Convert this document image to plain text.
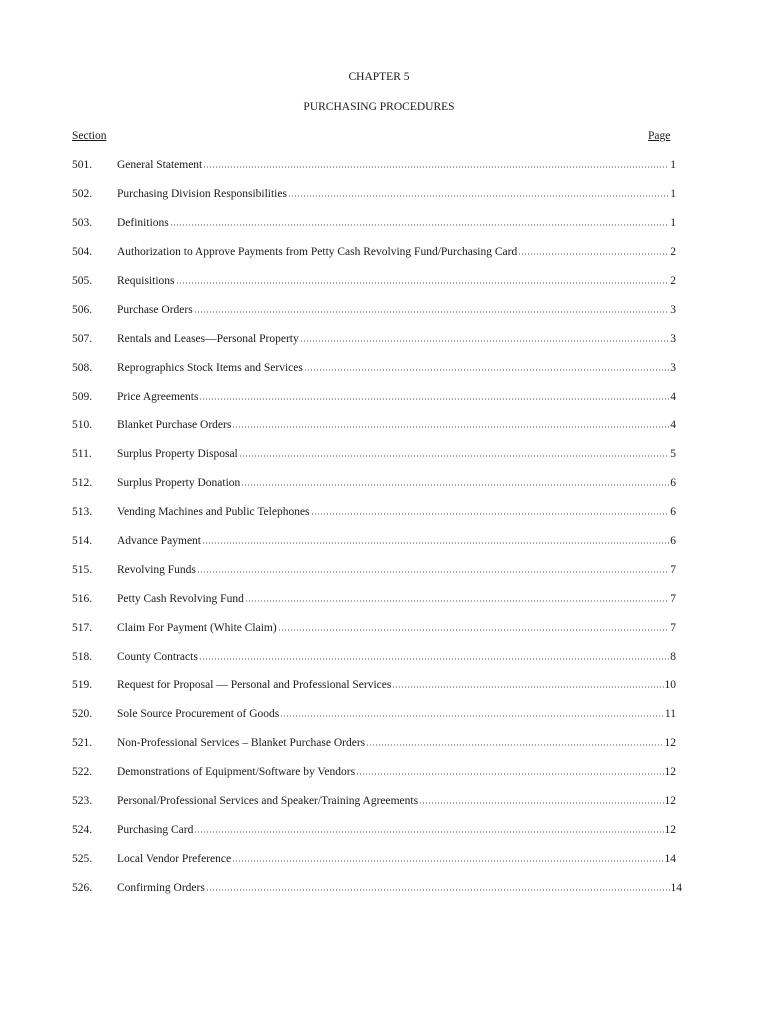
CHAPTER 5
PURCHASING PROCEDURES
Section	Page
501.	General Statement	1
502.	Purchasing Division Responsibilities	1
503.	Definitions	1
504.	Authorization to Approve Payments from Petty Cash Revolving Fund/Purchasing Card	2
505.	Requisitions	2
506.	Purchase Orders	3
507.	Rentals and Leases—Personal Property	3
508.	Reprographics Stock Items and Services	3
509.	Price Agreements	4
510.	Blanket Purchase Orders	4
511.	Surplus Property Disposal	5
512.	Surplus Property Donation	6
513.	Vending Machines and Public Telephones	6
514.	Advance Payment	6
515.	Revolving Funds	7
516.	Petty Cash Revolving Fund	7
517.	Claim For Payment (White Claim)	7
518.	County Contracts	8
519.	Request for Proposal — Personal and Professional Services	10
520.	Sole Source Procurement of Goods	11
521.	Non-Professional Services – Blanket Purchase Orders	12
522.	Demonstrations of Equipment/Software by Vendors	12
523.	Personal/Professional Services and Speaker/Training Agreements	12
524.	Purchasing Card	12
525.	Local Vendor Preference	14
526.	Confirming Orders	14
